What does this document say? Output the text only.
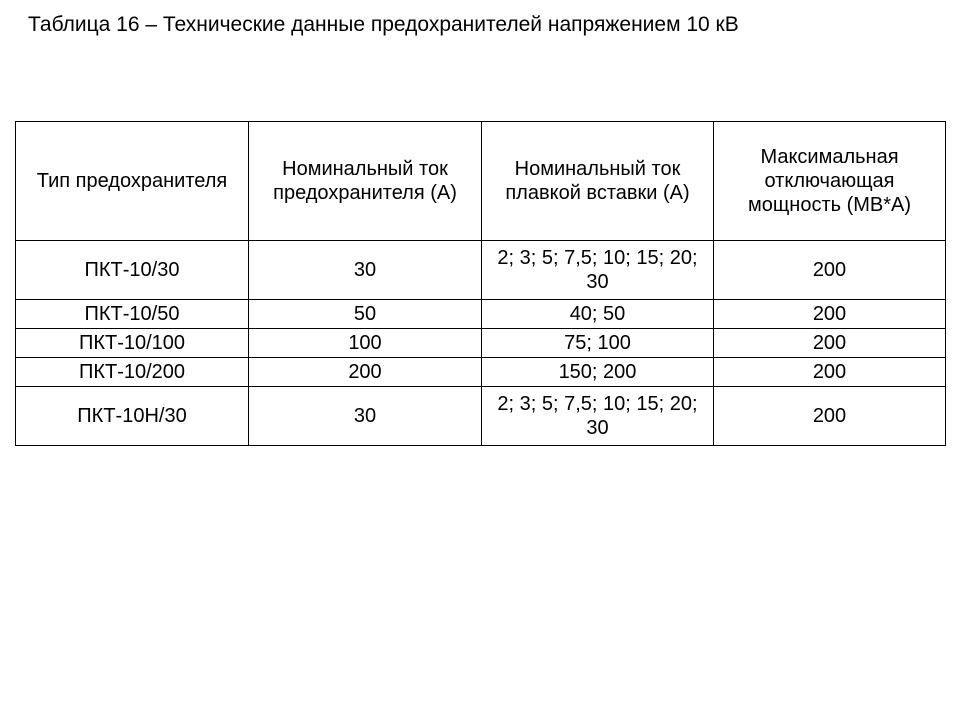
Таблица 16 – Технические данные предохранителей напряжением 10 кВ
Тип предохранителя	Номинальный ток предохранителя (А)	Номинальный ток плавкой вставки (А)	Максимальная отключающая мощность (МВ*А)
ПКТ-10/30	30	2; 3; 5; 7,5; 10; 15; 20; 30	200
ПКТ-10/50	50	40; 50	200
ПКТ-10/100	100	75; 100	200
ПКТ-10/200	200	150; 200	200
ПКТ-10Н/30	30	2; 3; 5; 7,5; 10; 15; 20; 30	200
